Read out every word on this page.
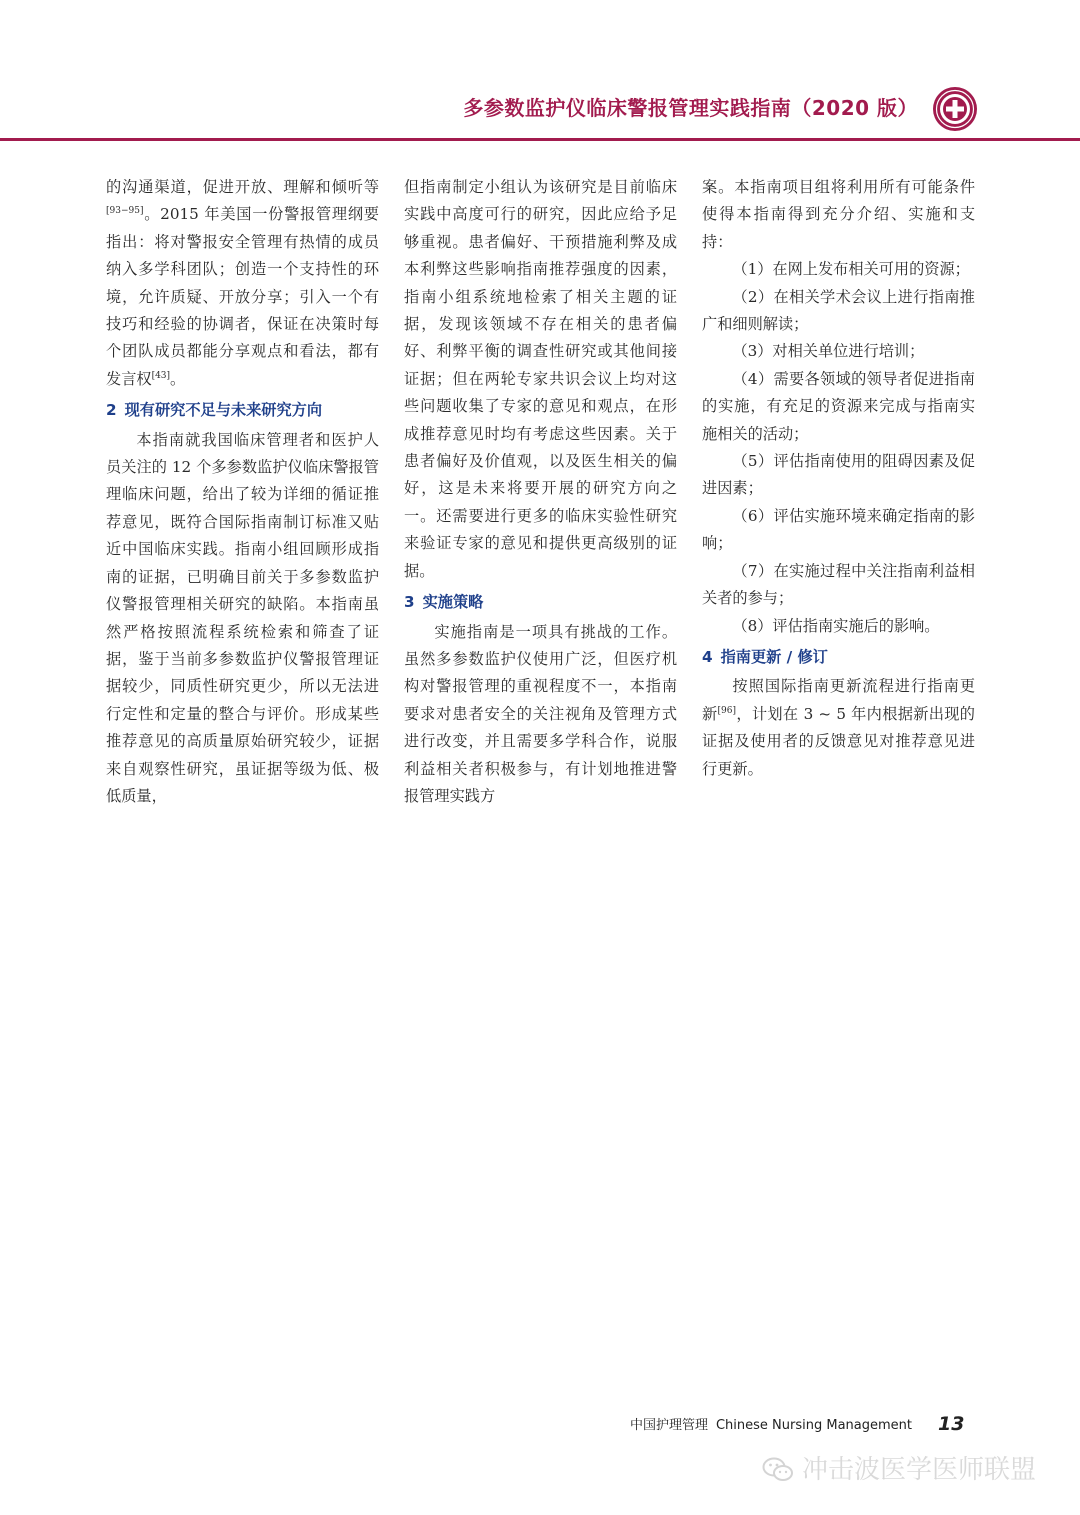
多参数监护仪临床警报管理实践指南（2020 版）

的沟通渠道，促进开放、理解和倾听等[93−95]。2015 年美国一份警报管理纲要指出：将对警报安全管理有热情的成员纳入多学科团队；创造一个支持性的环境，允许质疑、开放分享；引入一个有技巧和经验的协调者，保证在决策时每个团队成员都能分享观点和看法，都有发言权[43]。

2 现有研究不足与未来研究方向

本指南就我国临床管理者和医护人员关注的 12 个多参数监护仪临床警报管理临床问题，给出了较为详细的循证推荐意见，既符合国际指南制订标准又贴近中国临床实践。指南小组回顾形成指南的证据，已明确目前关于多参数监护仪警报管理相关研究的缺陷。本指南虽然严格按照流程系统检索和筛查了证据，鉴于当前多参数监护仪警报管理证据较少，同质性研究更少，所以无法进行定性和定量的整合与评价。形成某些推荐意见的高质量原始研究较少，证据来自观察性研究，虽证据等级为低、极低质量，

但指南制定小组认为该研究是目前临床实践中高度可行的研究，因此应给予足够重视。患者偏好、干预措施利弊及成本利弊这些影响指南推荐强度的因素，指南小组系统地检索了相关主题的证据，发现该领域不存在相关的患者偏好、利弊平衡的调查性研究或其他间接证据；但在两轮专家共识会议上均对这些问题收集了专家的意见和观点，在形成推荐意见时均有考虑这些因素。关于患者偏好及价值观，以及医生相关的偏好，这是未来将要开展的研究方向之一。还需要进行更多的临床实验性研究来验证专家的意见和提供更高级别的证据。

3 实施策略

实施指南是一项具有挑战的工作。虽然多参数监护仪使用广泛，但医疗机构对警报管理的重视程度不一，本指南要求对患者安全的关注视角及管理方式进行改变，并且需要多学科合作，说服利益相关者积极参与，有计划地推进警报管理实践方

案。本指南项目组将利用所有可能条件使得本指南得到充分介绍、实施和支持：

（1）在网上发布相关可用的资源；

（2）在相关学术会议上进行指南推广和细则解读；

（3）对相关单位进行培训；

（4）需要各领域的领导者促进指南的实施，有充足的资源来完成与指南实施相关的活动；

（5）评估指南使用的阻碍因素及促进因素；

（6）评估实施环境来确定指南的影响；

（7）在实施过程中关注指南利益相关者的参与；

（8）评估指南实施后的影响。

4 指南更新 / 修订

按照国际指南更新流程进行指南更新[96]，计划在 3 ~ 5 年内根据新出现的证据及使用者的反馈意见对推荐意见进行更新。

中国护理管理 Chinese Nursing Management 13
冲击波医学医师联盟
